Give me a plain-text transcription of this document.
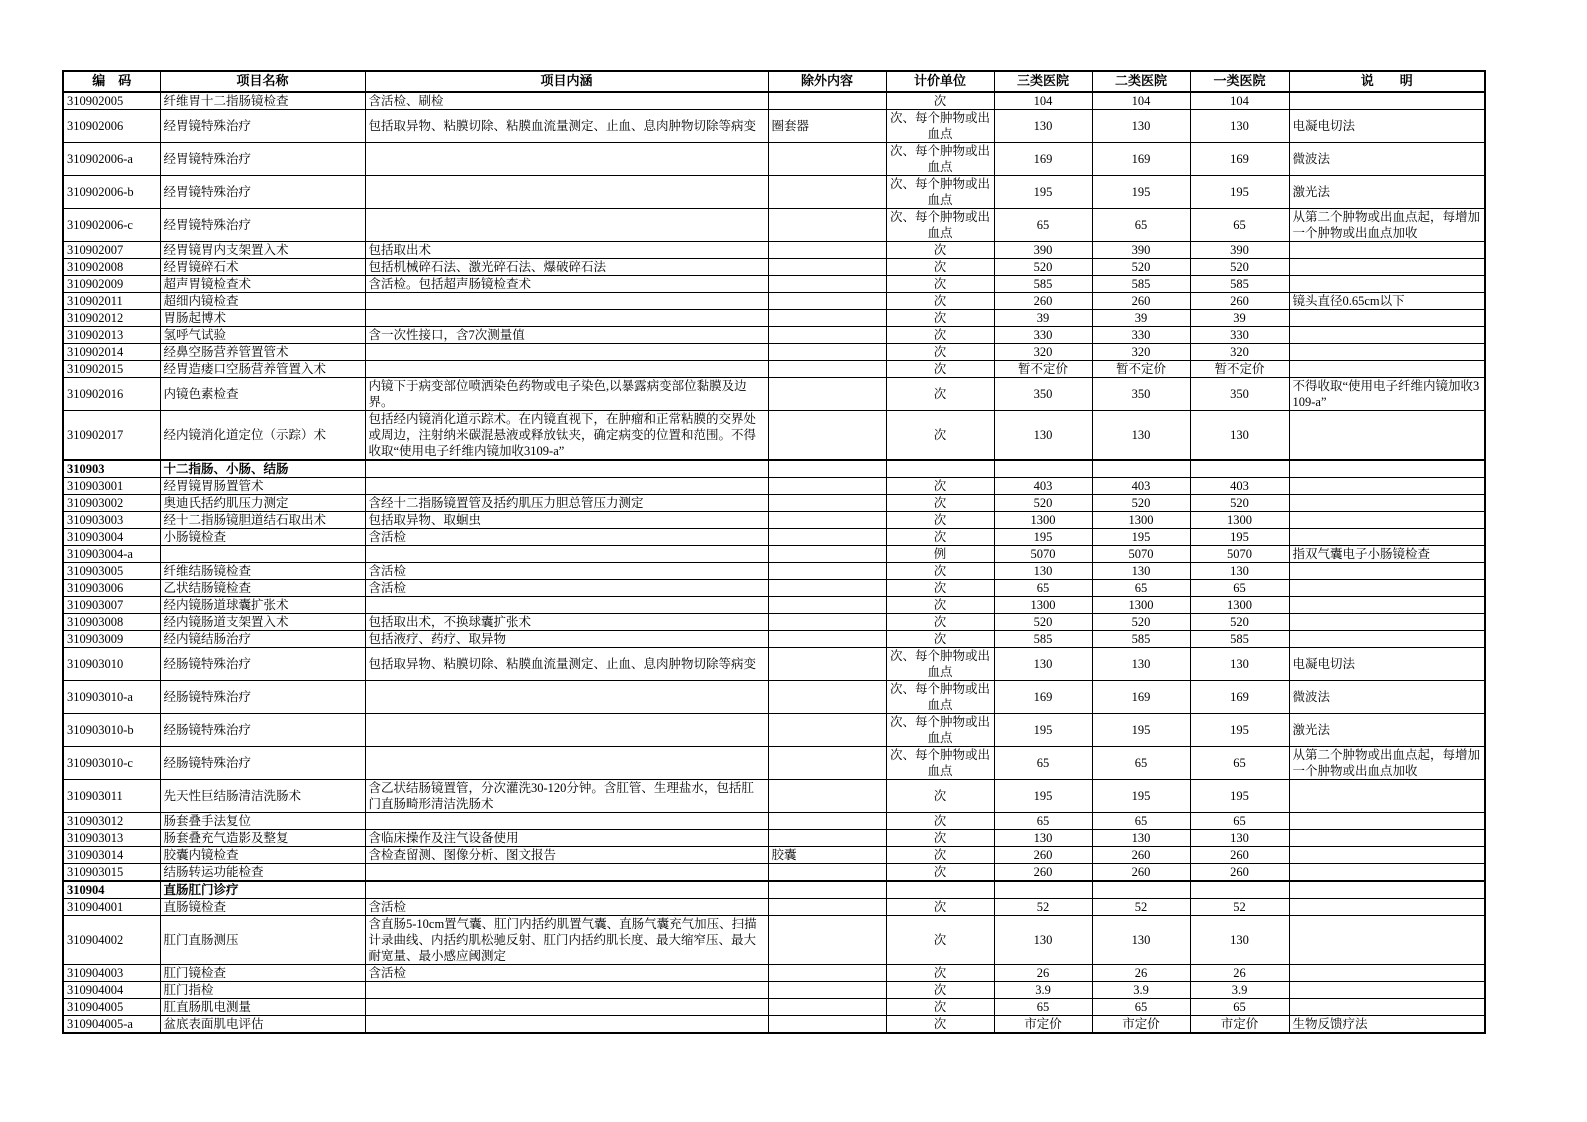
编　码	项目名称	项目内涵	除外内容	计价单位	三类医院	二类医院	一类医院	说　　明
310902005	纤维胃十二指肠镜检查	含活检、刷检		次	104	104	104	
310902006	经胃镜特殊治疗	包括取异物、粘膜切除、粘膜血流量测定、止血、息肉肿物切除等病变	圈套器	次、每个肿物或出血点	130	130	130	电凝电切法
310902006-a	经胃镜特殊治疗			次、每个肿物或出血点	169	169	169	微波法
310902006-b	经胃镜特殊治疗			次、每个肿物或出血点	195	195	195	激光法
310902006-c	经胃镜特殊治疗			次、每个肿物或出血点	65	65	65	从第二个肿物或出血点起，每增加一个肿物或出血点加收
310902007	经胃镜胃内支架置入术	包括取出术		次	390	390	390	
310902008	经胃镜碎石术	包括机械碎石法、激光碎石法、爆破碎石法		次	520	520	520	
310902009	超声胃镜检查术	含活检。包括超声肠镜检查术		次	585	585	585	
310902011	超细内镜检查			次	260	260	260	镜头直径0.65cm以下
310902012	胃肠起博术			次	39	39	39	
310902013	氢呼气试验	含一次性接口，含7次测量值		次	330	330	330	
310902014	经鼻空肠营养管置管术			次	320	320	320	
310902015	经胃造瘘口空肠营养管置入术			次	暂不定价	暂不定价	暂不定价	
310902016	内镜色素检查	内镜下于病变部位喷洒染色药物或电子染色,以暴露病变部位黏膜及边界。		次	350	350	350	不得收取“使用电子纤维内镜加收3109-a”
310902017	经内镜消化道定位（示踪）术	包括经内镜消化道示踪术。在内镜直视下，在肿瘤和正常粘膜的交界处或周边，注射纳米碳混悬液或释放钛夹，确定病变的位置和范围。不得收取“使用电子纤维内镜加收3109-a”		次	130	130	130	
310903	十二指肠、小肠、结肠							
310903001	经胃镜胃肠置管术			次	403	403	403	
310903002	奥迪氏括约肌压力测定	含经十二指肠镜置管及括约肌压力胆总管压力测定		次	520	520	520	
310903003	经十二指肠镜胆道结石取出术	包括取异物、取蛔虫		次	1300	1300	1300	
310903004	小肠镜检查	含活检		次	195	195	195	
310903004-a				例	5070	5070	5070	指双气囊电子小肠镜检查
310903005	纤维结肠镜检查	含活检		次	130	130	130	
310903006	乙状结肠镜检查	含活检		次	65	65	65	
310903007	经内镜肠道球囊扩张术			次	1300	1300	1300	
310903008	经内镜肠道支架置入术	包括取出术，不换球囊扩张术		次	520	520	520	
310903009	经内镜结肠治疗	包括液疗、药疗、取异物		次	585	585	585	
310903010	经肠镜特殊治疗	包括取异物、粘膜切除、粘膜血流量测定、止血、息肉肿物切除等病变		次、每个肿物或出血点	130	130	130	电凝电切法
310903010-a	经肠镜特殊治疗			次、每个肿物或出血点	169	169	169	微波法
310903010-b	经肠镜特殊治疗			次、每个肿物或出血点	195	195	195	激光法
310903010-c	经肠镜特殊治疗			次、每个肿物或出血点	65	65	65	从第二个肿物或出血点起，每增加一个肿物或出血点加收
310903011	先天性巨结肠清洁洗肠术	含乙状结肠镜置管，分次灌洗30-120分钟。含肛管、生理盐水，包括肛门直肠畸形清洁洗肠术		次	195	195	195	
310903012	肠套叠手法复位			次	65	65	65	
310903013	肠套叠充气造影及整复	含临床操作及注气设备使用		次	130	130	130	
310903014	胶囊内镜检查	含检查留测、图像分析、图文报告	胶囊	次	260	260	260	
310903015	结肠转运功能检查			次	260	260	260	
310904	直肠肛门诊疗							
310904001	直肠镜检查	含活检		次	52	52	52	
310904002	肛门直肠测压	含直肠5-10cm置气囊、肛门内括约肌置气囊、直肠气囊充气加压、扫描计录曲线、内括约肌松驰反射、肛门内括约肌长度、最大缩窄压、最大耐宽量、最小感应阈测定		次	130	130	130	
310904003	肛门镜检查	含活检		次	26	26	26	
310904004	肛门指检			次	3.9	3.9	3.9	
310904005	肛直肠肌电测量			次	65	65	65	
310904005-a	盆底表面肌电评估			次	市定价	市定价	市定价	生物反馈疗法
